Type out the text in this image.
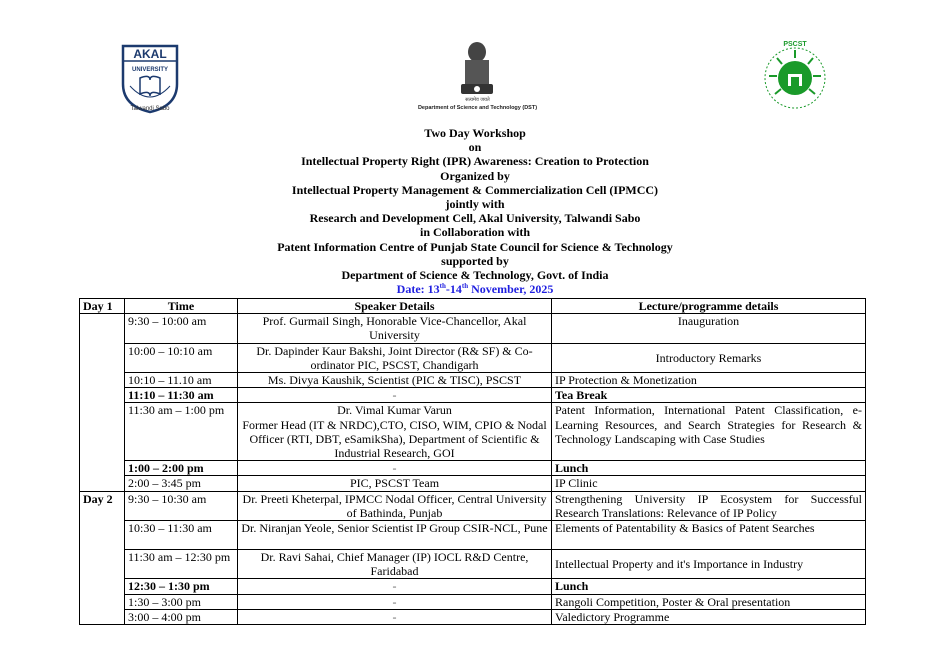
AKAL
UNIVERSITY
Talwandi Sabo
सत्यमेव जयते
Department of Science and Technology (DST)
PSCST
Two Day Workshop
on
Intellectual Property Right (IPR) Awareness: Creation to Protection
Organized by
Intellectual Property Management & Commercialization Cell (IPMCC)
jointly with
Research and Development Cell, Akal University, Talwandi Sabo
in Collaboration with
Patent Information Centre of Punjab State Council for Science & Technology
supported by
Department of Science & Technology, Govt. of India
Date: 13th-14th November, 2025
Day 1	Time	Speaker Details	Lecture/programme details
	9:30 – 10:00 am	Prof. Gurmail Singh, Honorable Vice-Chancellor, Akal University	Inauguration
	10:00 – 10:10 am	Dr. Dapinder Kaur Bakshi, Joint Director (R& SF) & Co-ordinator PIC, PSCST, Chandigarh	Introductory Remarks
	10:10 – 11.10 am	Ms. Divya Kaushik, Scientist (PIC & TISC), PSCST	IP Protection & Monetization
	11:10 – 11:30 am	-	Tea Break
	11:30 am – 1:00 pm	Dr. Vimal Kumar Varun
Former Head (IT & NRDC),CTO, CISO, WIM, CPIO & Nodal Officer (RTI, DBT, eSamikSha), Department of Scientific & Industrial Research, GOI	Patent Information, International Patent Classification, e-Learning Resources, and Search Strategies for Research & Technology Landscaping with Case Studies
	1:00 – 2:00 pm	-	Lunch
	2:00 – 3:45 pm	PIC, PSCST Team	IP Clinic
Day 2	9:30 – 10:30 am	Dr. Preeti Kheterpal, IPMCC Nodal Officer, Central University of Bathinda, Punjab	Strengthening University IP Ecosystem for Successful Research Translations: Relevance of IP Policy
	10:30 – 11:30 am	Dr. Niranjan Yeole, Senior Scientist IP Group CSIR-NCL, Pune	Elements of Patentability & Basics of Patent Searches
	11:30 am – 12:30 pm	Dr. Ravi Sahai, Chief Manager (IP) IOCL R&D Centre, Faridabad	Intellectual Property and it's Importance in Industry
	12:30 – 1:30 pm	-	Lunch
	1:30 – 3:00 pm	-	Rangoli Competition, Poster & Oral presentation
	3:00 – 4:00 pm	-	Valedictory Programme
